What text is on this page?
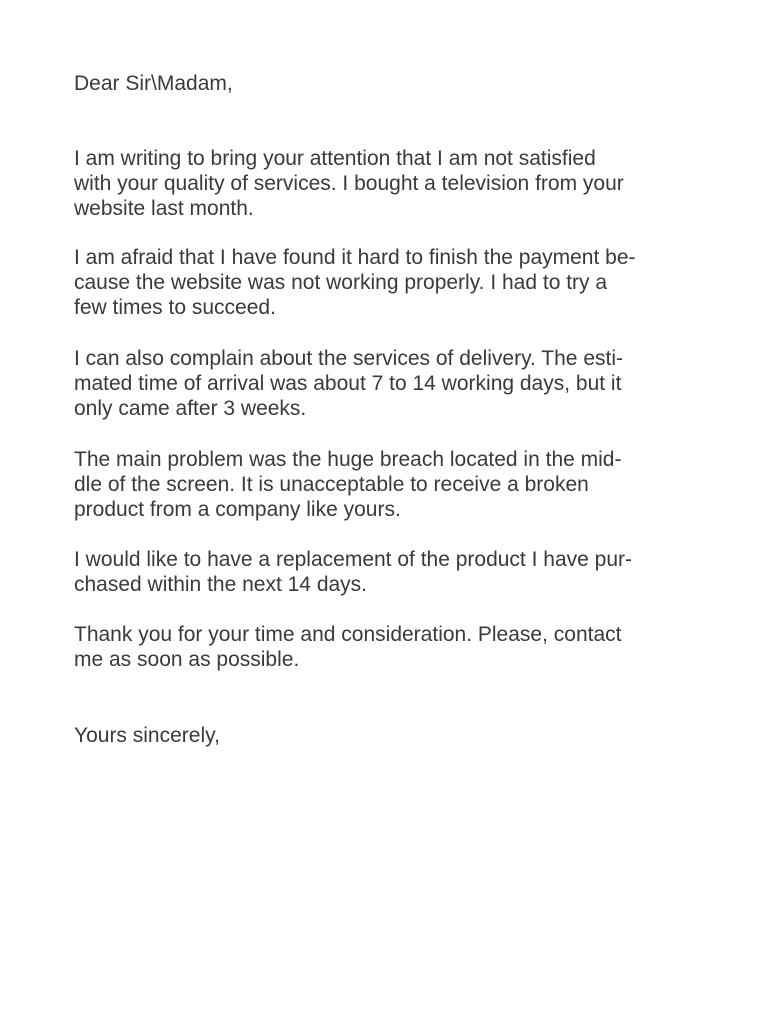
Dear Sir\Madam,
I am writing to bring your attention that I am not satisfied
with your quality of services. I bought a television from your
website last month.
I am afraid that I have found it hard to finish the payment be-
cause the website was not working properly. I had to try a
few times to succeed.
I can also complain about the services of delivery. The esti-
mated time of arrival was about 7 to 14 working days, but it
only came after 3 weeks.
The main problem was the huge breach located in the mid-
dle of the screen. It is unacceptable to receive a broken
product from a company like yours.
I would like to have a replacement of the product I have pur-
chased within the next 14 days.
Thank you for your time and consideration. Please, contact
me as soon as possible.
Yours sincerely,
